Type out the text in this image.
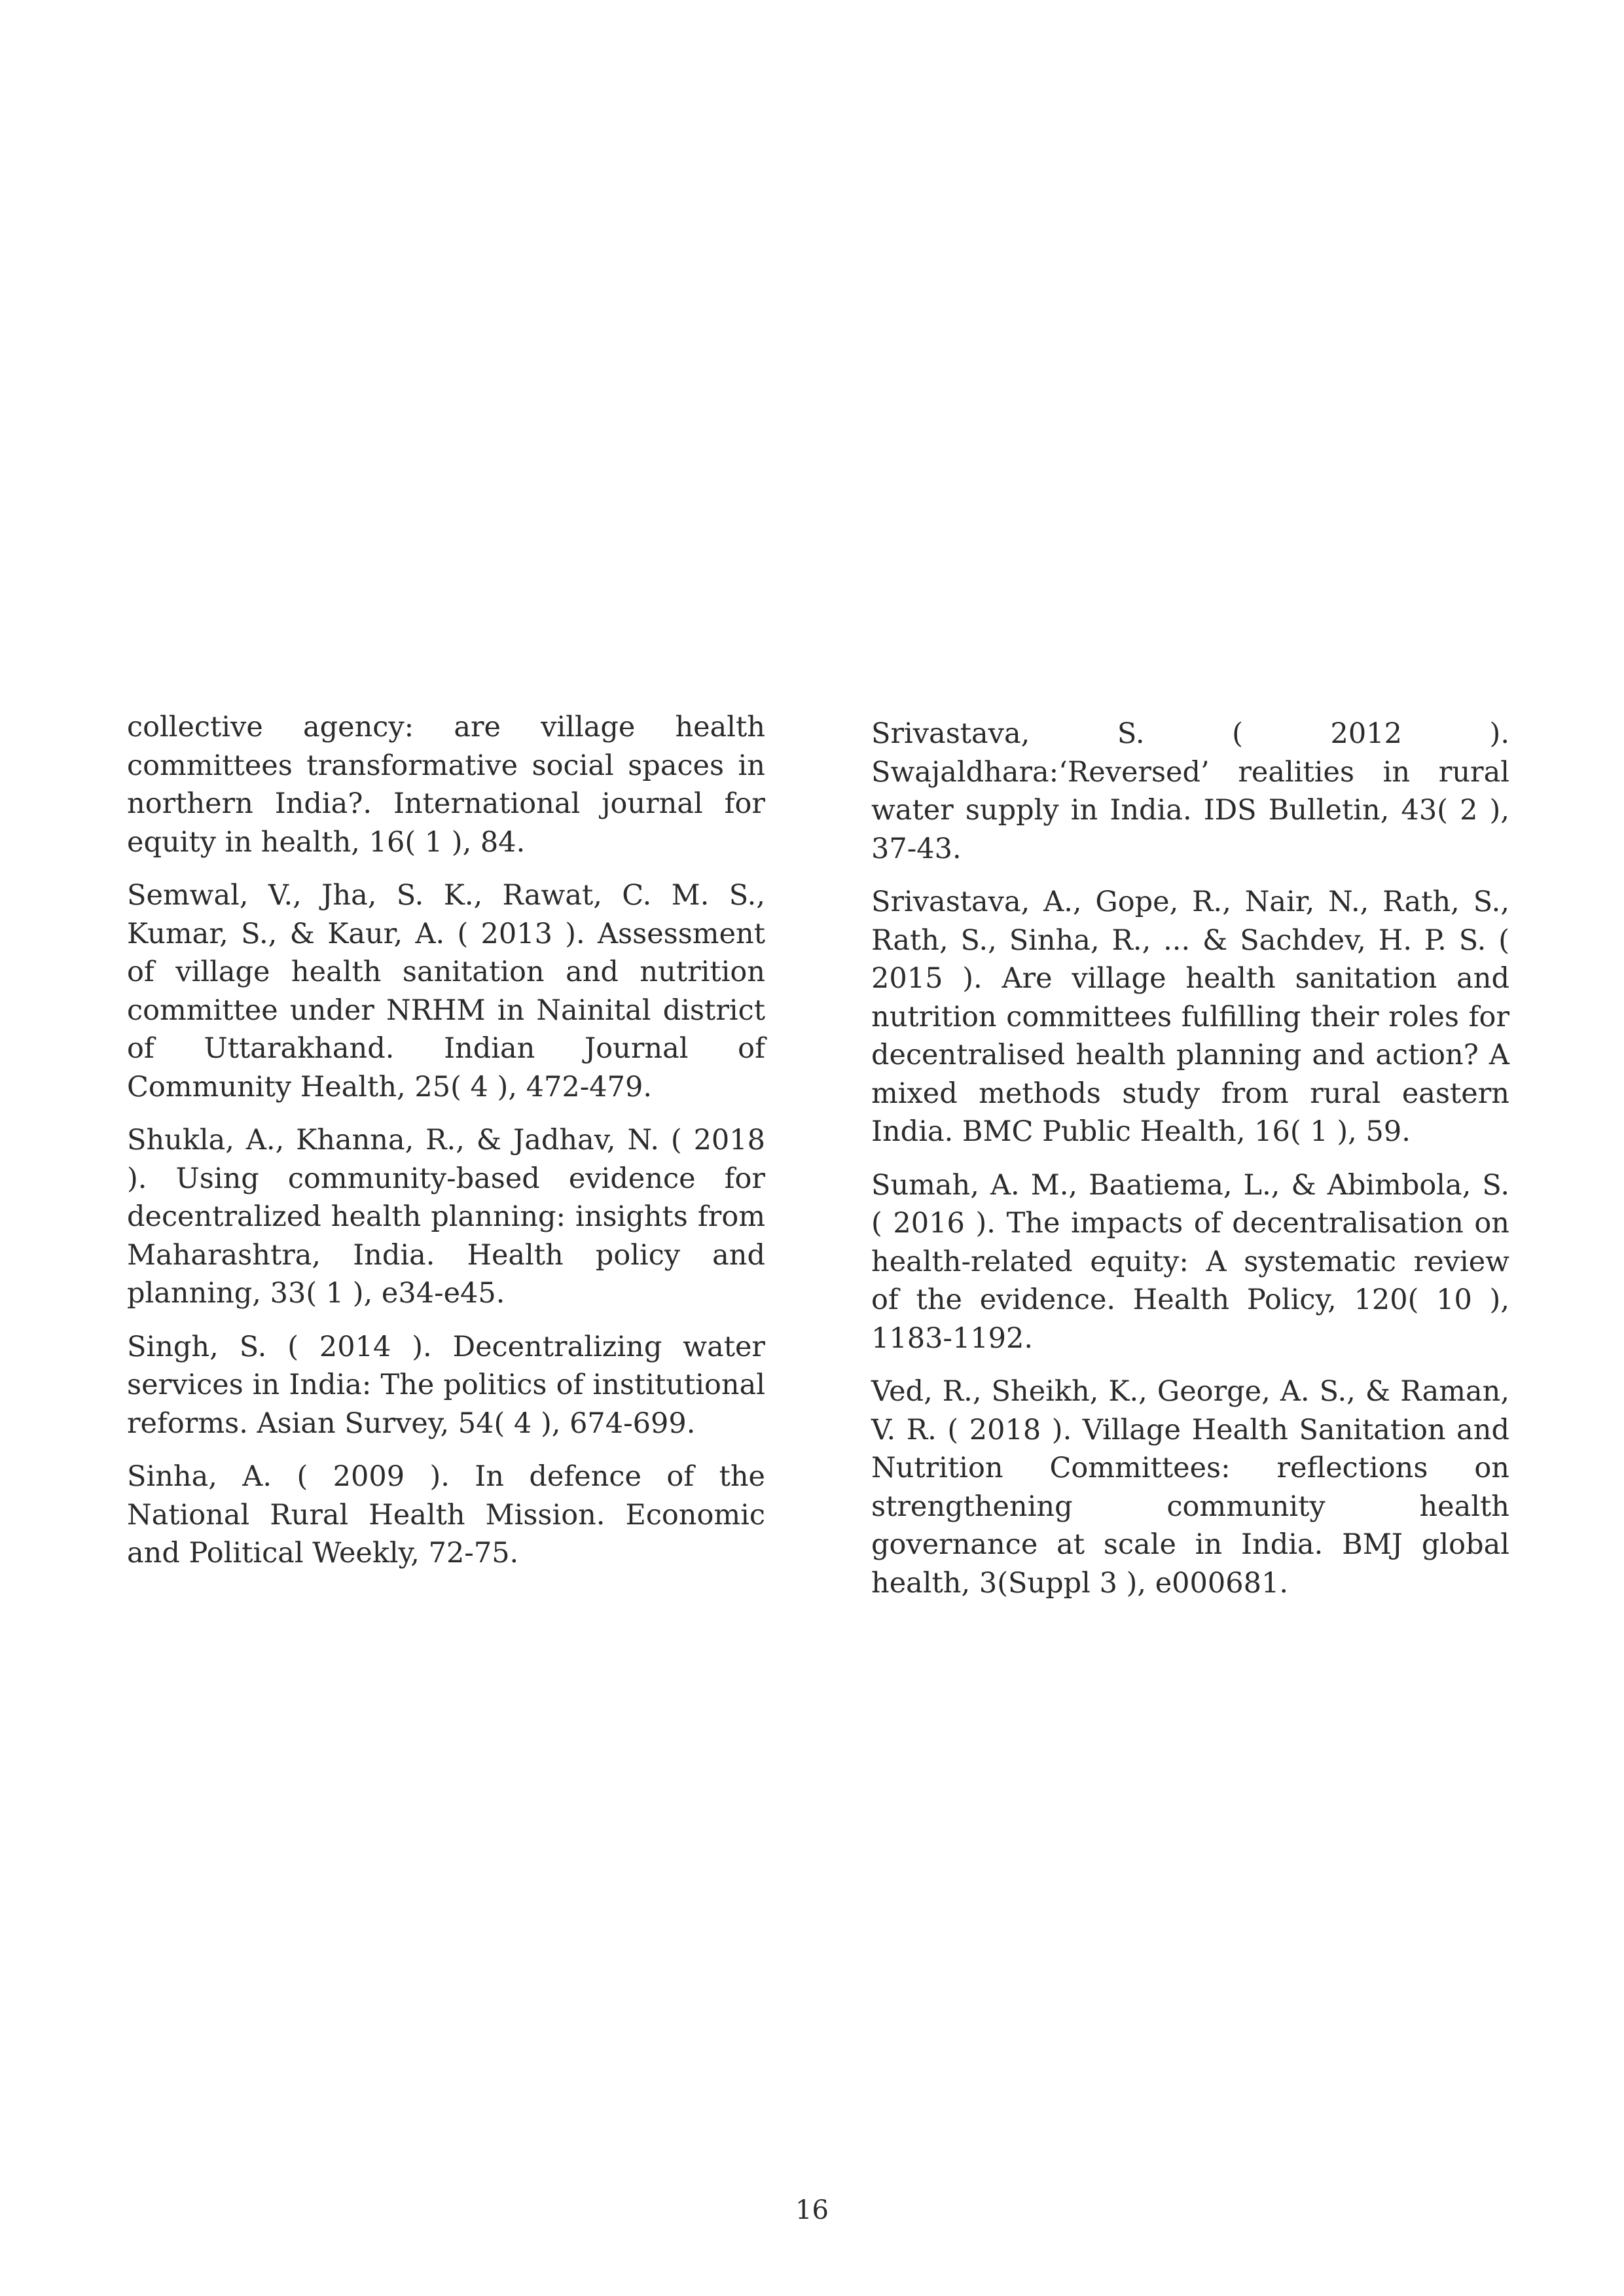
collective agency: are village health committees transformative social spaces in northern India?. International journal for equity in health, 16( 1 ), 84.

Semwal, V., Jha, S. K., Rawat, C. M. S., Kumar, S., & Kaur, A. ( 2013 ). Assessment of village health sanitation and nutrition committee under NRHM in Nainital district of Uttarakhand. Indian Journal of Community Health, 25( 4 ), 472-479.

Shukla, A., Khanna, R., & Jadhav, N. ( 2018 ). Using community-based evidence for decentralized health planning: insights from Maharashtra, India. Health policy and planning, 33( 1 ), e34-e45.

Singh, S. ( 2014 ). Decentralizing water services in India: The politics of institutional reforms. Asian Survey, 54( 4 ), 674-699.

Sinha, A. ( 2009 ). In defence of the National Rural Health Mission. Economic and Political Weekly, 72-75.

Srivastava, S. ( 2012 ). Swajaldhara:‘Reversed’ realities in rural water supply in India. IDS Bulletin, 43( 2 ), 37-43.

Srivastava, A., Gope, R., Nair, N., Rath, S., Rath, S., Sinha, R., ... & Sachdev, H. P. S. ( 2015 ). Are village health sanitation and nutrition committees fulfilling their roles for decentralised health planning and action? A mixed methods study from rural eastern India. BMC Public Health, 16( 1 ), 59.

Sumah, A. M., Baatiema, L., & Abimbola, S. ( 2016 ). The impacts of decentralisation on health-related equity: A systematic review of the evidence. Health Policy, 120( 10 ), 1183-1192.

Ved, R., Sheikh, K., George, A. S., & Raman, V. R. ( 2018 ). Village Health Sanitation and Nutrition Committees: reflections on strengthening community health governance at scale in India. BMJ global health, 3(Suppl 3 ), e000681.

16
